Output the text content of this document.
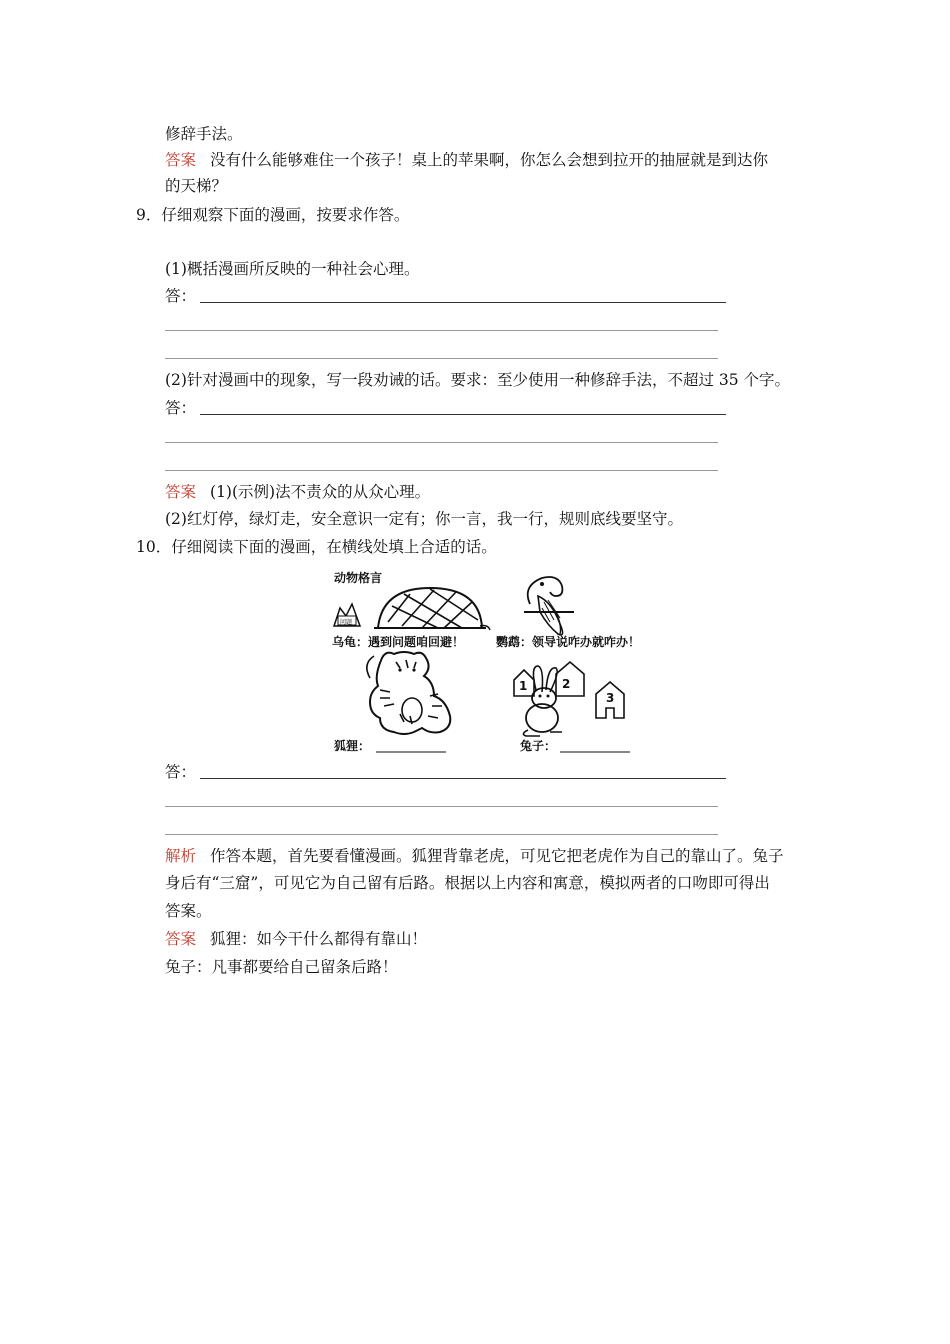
修辞手法。
答案 没有什么能够难住一个孩子！桌上的苹果啊，你怎么会想到拉开的抽屉就是到达你
的天梯？
9．仔细观察下面的漫画，按要求作答。
(1)概括漫画所反映的一种社会心理。
答：
(2)针对漫画中的现象，写一段劝诫的话。要求：至少使用一种修辞手法，不超过 35 个字。
答：
答案 (1)(示例)法不责众的从众心理。
(2)红灯停，绿灯走，安全意识一定有；你一言，我一行，规则底线要坚守。
10．仔细阅读下面的漫画，在横线处填上合适的话。
动物格言
问题
乌龟：遇到问题咱回避！	鹦鹉：领导说咋办就咋办！
1	2
3
狐狸：	兔子：
答：
解析 作答本题，首先要看懂漫画。狐狸背靠老虎，可见它把老虎作为自己的靠山了。兔子
身后有“三窟”，可见它为自己留有后路。根据以上内容和寓意，模拟两者的口吻即可得出
答案。
答案 狐狸：如今干什么都得有靠山！
兔子：凡事都要给自己留条后路！
